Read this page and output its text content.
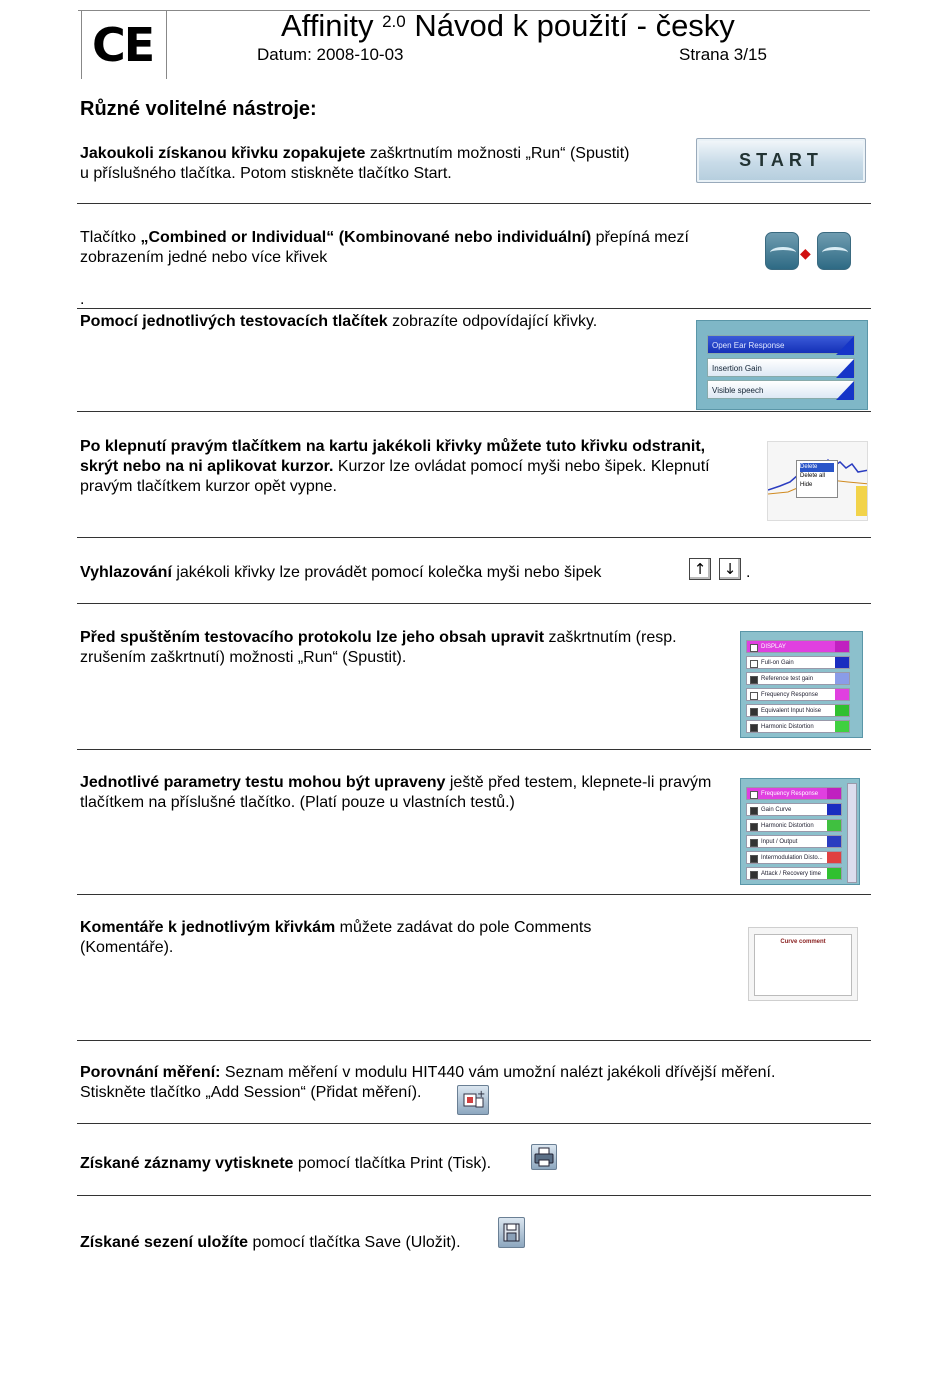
CE	Affinity $^{2.0}$ Návod k použití - česky
Datum: 2008-10-03	Strana 3/15
Různé volitelné nástroje:
Jakoukoli získanou křivku zopakujete zaškrtnutím možnosti „Run“ (Spustit)
u příslušného tlačítka. Potom stiskněte tlačítko Start.
START
Tlačítko „Combined or Individual“ (Kombinované nebo individuální) přepíná mezí zobrazením jedné nebo více křivek
.
◆
Pomocí jednotlivých testovacích tlačítek zobrazíte odpovídající křivky.
Open Ear Response
Insertion Gain
Visible speech
Po klepnutí pravým tlačítkem na kartu jakékoli křivky můžete tuto křivku odstranit, skrýt nebo na ni aplikovat kurzor. Kurzor lze ovládat pomocí myši nebo šipek. Klepnutí pravým tlačítkem kurzor opět vypne.
Delete
Delete all
Hide
Vyhlazování jakékoli křivky lze provádět pomocí kolečka myši nebo šipek	↑	↓ .
Před spuštěním testovacího protokolu lze jeho obsah upravit zaškrtnutím (resp. zrušením zaškrtnutí) možnosti „Run“ (Spustit).
DISPLAY
Full-on Gain
Reference test gain
Frequency Response
Equivalent Input Noise
Harmonic Distortion
Jednotlivé parametry testu mohou být upraveny ještě před testem, klepnete-li pravým tlačítkem na příslušné tlačítko. (Platí pouze u vlastních testů.)	Frequency Response
Gain Curve
Harmonic Distortion
Input / Output
Intermodulation Disto...
Attack / Recovery time
Komentáře k jednotlivým křivkám můžete zadávat do pole Comments (Komentáře).	Curve comment
Porovnání měření: Seznam měření v modulu HIT440 vám umožní nalézt jakékoli dřívější měření.
Stiskněte tlačítko „Add Session“ (Přidat měření).	+
Získané záznamy vytisknete pomocí tlačítka Print (Tisk).
Získané sezení uložíte pomocí tlačítka Save (Uložit).
